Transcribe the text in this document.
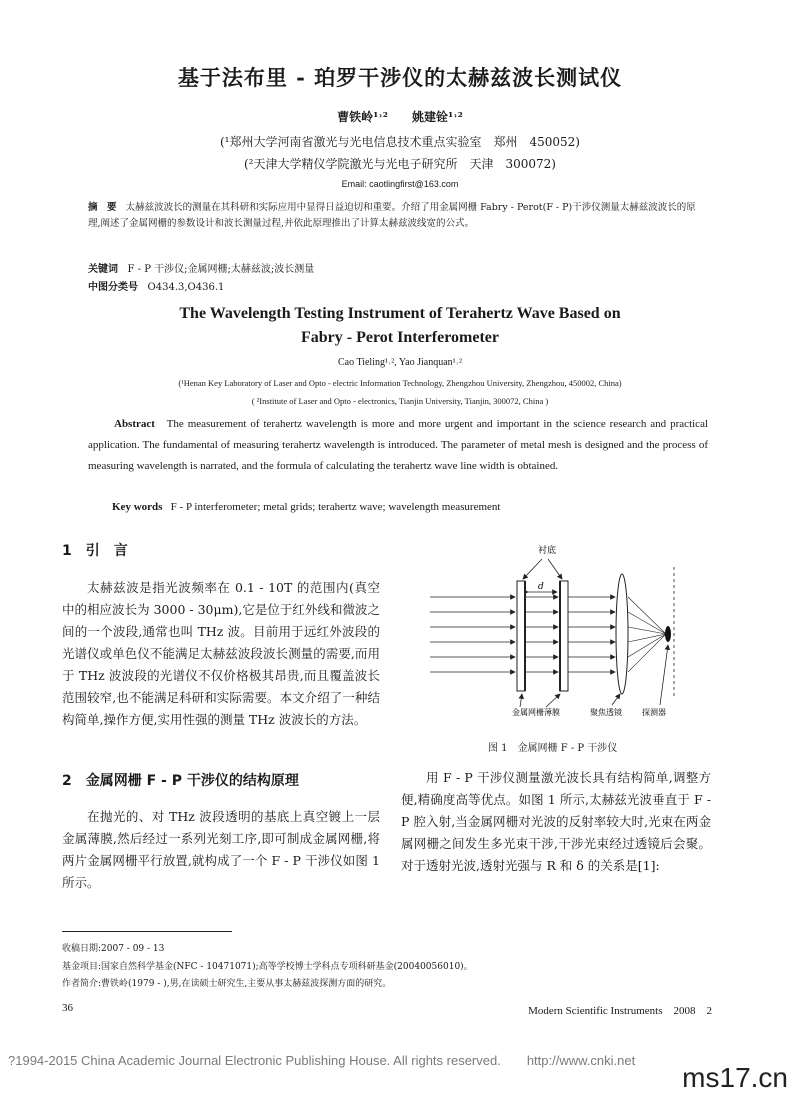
基于法布里 - 珀罗干涉仪的太赫兹波长测试仪
曹铁岭¹˒²　　姚建铨¹˒²
(¹郑州大学河南省激光与光电信息技术重点实验室　郑州　450052)
(²天津大学精仪学院激光与光电子研究所　天津　300072)
Email: caotlingfirst@163.com
摘　要 太赫兹波波长的测量在其科研和实际应用中显得日益迫切和重要。介绍了用金属网栅 Fabry - Perot(F - P)干涉仪测量太赫兹波波长的原理,阐述了金属网栅的参数设计和波长测量过程,并依此原理推出了计算太赫兹波线宽的公式。
关键词 F - P 干涉仪;金属网栅;太赫兹波;波长测量
中图分类号 O434.3,O436.1
The Wavelength Testing Instrument of Terahertz Wave Based on
Fabry - Perot Interferometer
Cao Tieling¹˒², Yao Jianquan¹˒²
(¹Henan Key Laboratory of Laser and Opto - electric Information Technology, Zhengzhou University, Zhengzhou, 450002, China)
( ²Institute of Laser and Opto - electronics, Tianjin University, Tianjin, 300072, China )
Abstract The measurement of terahertz wavelength is more and more urgent and important in the science research and practical application. The fundamental of measuring terahertz wavelength is introduced. The parameter of metal mesh is designed and the process of measuring wavelength is narrated, and the formula of calculating the terahertz wave line width is obtained.
Key words F - P interferometer; metal grids; terahertz wave; wavelength measurement
1　引　言

太赫兹波是指光波频率在 0.1 - 10T 的范围内(真空中的相应波长为 3000 - 30μm),它是位于红外线和微波之间的一个波段,通常也叫 THz 波。目前用于远红外波段的光谱仪或单色仪不能满足太赫兹波段波长测量的需要,而用于 THz 波波段的光谱仪不仅价格极其昂贵,而且覆盖波长范围较窄,也不能满足科研和实际需要。本文介绍了一种结构简单,操作方便,实用性强的测量 THz 波波长的方法。

2　金属网栅 F - P 干涉仪的结构原理

在抛光的、对 THz 波段透明的基底上真空镀上一层金属薄膜,然后经过一系列光刻工序,即可制成金属网栅,将两片金属网栅平行放置,就构成了一个 F - P 干涉仪如图 1 所示。

衬底
d
金属网栅薄膜	聚焦透镜	探测器
图 1　金属网栅 F - P 干涉仪

用 F - P 干涉仪测量激光波长具有结构简单,调整方便,精确度高等优点。如图 1 所示,太赫兹光波垂直于 F - P 腔入射,当金属网栅对光波的反射率较大时,光束在两金属网栅之间发生多光束干涉,干涉光束经过透镜后会聚。对于透射光波,透射光强与 R 和 δ 的关系是[1]:

收稿日期:2007 - 09 - 13
基金项目:国家自然科学基金(NFC - 10471071);高等学校博士学科点专项科研基金(20040056010)。
作者简介:曹铁岭(1979 - ),男,在读硕士研究生,主要从事太赫兹波探测方面的研究。
36	Modern Scientific Instruments　2008　2
?1994-2015 China Academic Journal Electronic Publishing House. All rights reserved.　　http://www.cnki.net
ms17.cn
